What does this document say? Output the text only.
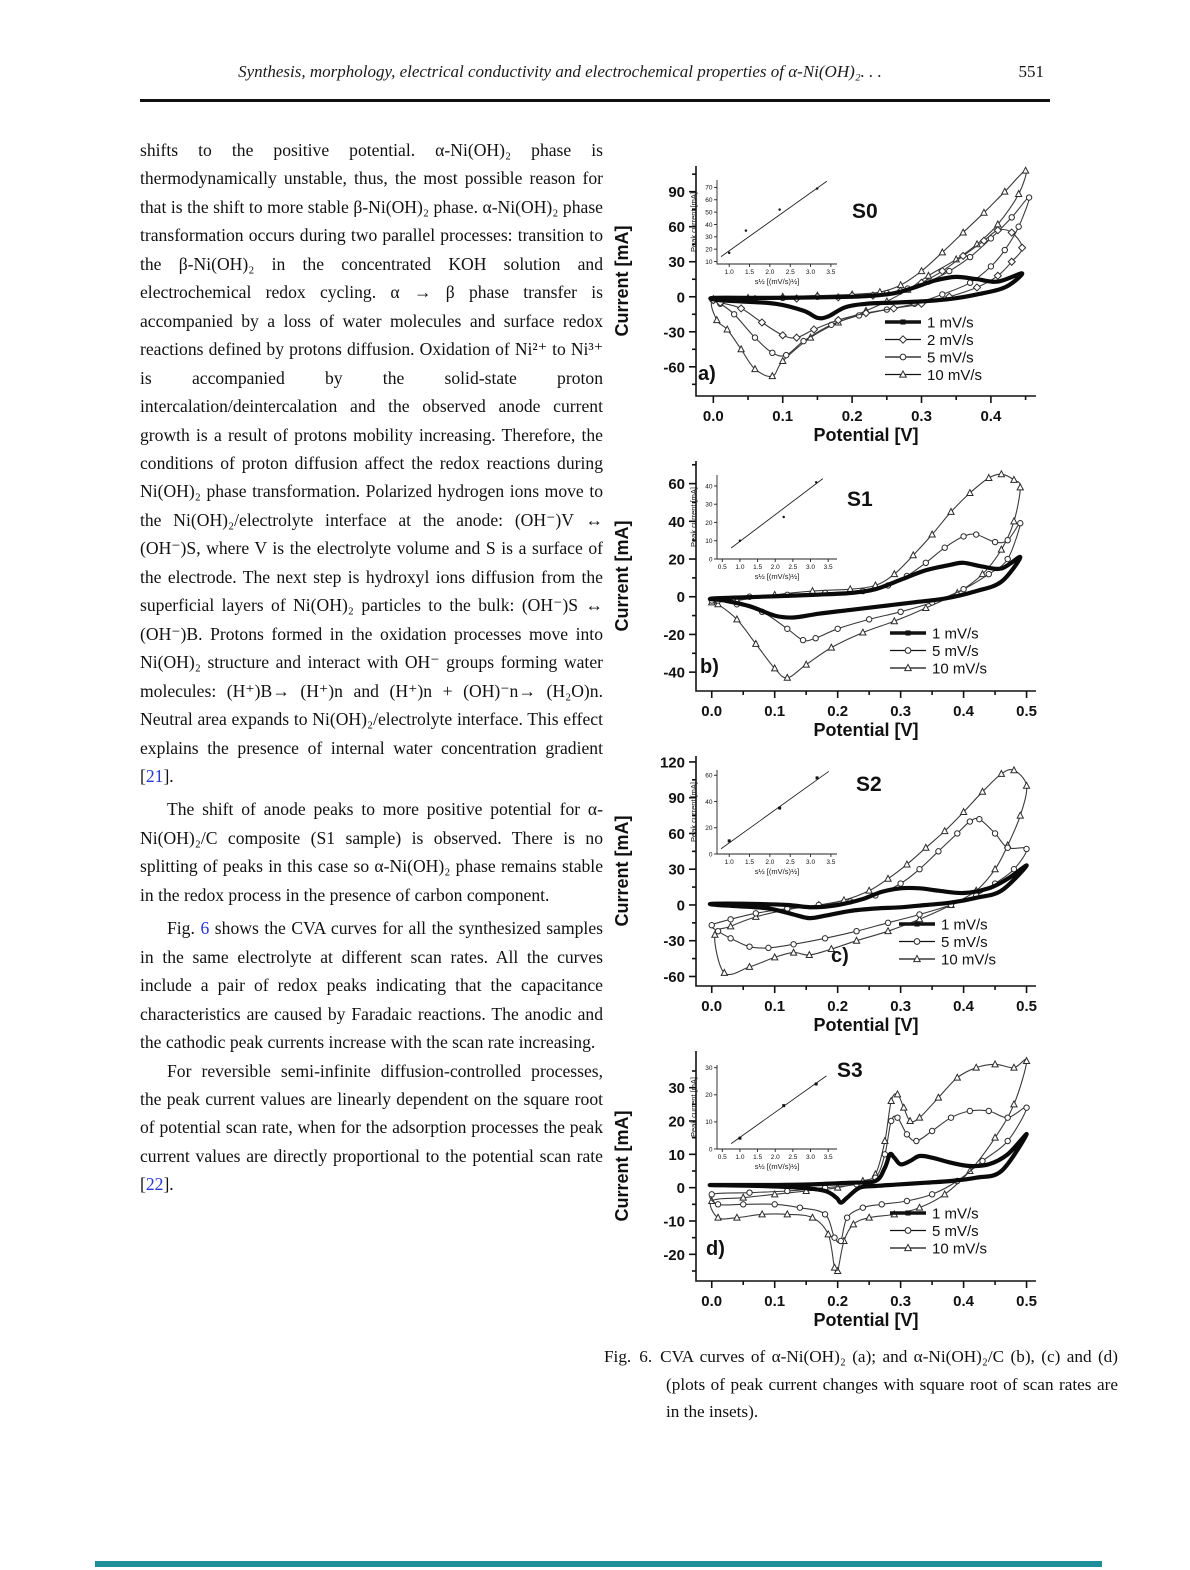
Synthesis, morphology, electrical conductivity and electrochemical properties of α-Ni(OH)₂. . .	551

shifts to the positive potential. α-Ni(OH)₂ phase is thermodynamically unstable, thus, the most possible reason for that is the shift to more stable β-Ni(OH)₂ phase. α-Ni(OH)₂ phase transformation occurs during two parallel processes: transition to the β-Ni(OH)₂ in the concentrated KOH solution and electrochemical redox cycling. α → β phase transfer is accompanied by a loss of water molecules and surface redox reactions defined by protons diffusion. Oxidation of Ni²⁺ to Ni³⁺ is accompanied by the solid-state proton intercalation/deintercalation and the observed anode current growth is a result of protons mobility increasing. Therefore, the conditions of proton diffusion affect the redox reactions during Ni(OH)₂ phase transformation. Polarized hydrogen ions move to the Ni(OH)₂/electrolyte interface at the anode: (OH⁻)V ↔ (OH⁻)S, where V is the electrolyte volume and S is a surface of the electrode. The next step is hydroxyl ions diffusion from the superficial layers of Ni(OH)₂ particles to the bulk: (OH⁻)S ↔ (OH⁻)B. Protons formed in the oxidation processes move into Ni(OH)₂ structure and interact with OH⁻ groups forming water molecules: (H⁺)B→ (H⁺)n and (H⁺)n + (OH)⁻n→ (H₂O)n. Neutral area expands to Ni(OH)₂/electrolyte interface. This effect explains the presence of internal water concentration gradient [21].

The shift of anode peaks to more positive potential for α-Ni(OH)₂/C composite (S1 sample) is observed. There is no splitting of peaks in this case so α-Ni(OH)₂ phase remains stable in the redox process in the presence of carbon component.

Fig. 6 shows the CVA curves for all the synthesized samples in the same electrolyte at different scan rates. All the curves include a pair of redox peaks indicating that the capacitance characteristics are caused by Faradaic reactions. The anodic and the cathodic peak currents increase with the scan rate increasing.

For reversible semi-infinite diffusion-controlled processes, the peak current values are linearly dependent on the square root of potential scan rate, when for the adsorption processes the peak current values are directly proportional to the potential scan rate [22].

-60
-30
0
30
60
90
0.0	0.1	0.2	0.3	0.4
Current [mA]
Potential [V]
1 mV/s
2 mV/s
5 mV/s
10 mV/s
S0
a)
10
20
30
40
50
60
70
1.0 1.5 2.0 2.5 3.0 3.5
Peak current [mA]
s½ [(mV/s)½]
-40
-20
0
20
40
60
0.0	0.1	0.2	0.3	0.4	0.5
Current [mA]
Potential [V]
1 mV/s
5 mV/s
10 mV/s
S1
b)
0
10
20
30
40
0.5 1.0 1.5 2.0 2.5 3.0 3.5
Peak current [mA]
s½ [(mV/s)½]
-60
-30
0
30
60
90
120
0.0	0.1	0.2	0.3	0.4	0.5
Current [mA]
Potential [V]
1 mV/s
5 mV/s
10 mV/s
S2
c)
0
20
40
60
1.0 1.5 2.0 2.5 3.0 3.5
Peak current [mA]
s½ [(mV/s)½]
-20
-10
0
10
20
30
0.0	0.1	0.2	0.3	0.4	0.5
Current [mA]
Potential [V]
1 mV/s
5 mV/s
10 mV/s
S3
d)
0
10
20
30
0.5 1.0 1.5 2.0 2.5 3.0 3.5
Peak current [mA]
s½ [(mV/s)½]
Fig. 6. CVA curves of α-Ni(OH)₂ (a); and α-Ni(OH)₂/C (b), (c) and (d) (plots of peak current changes with square root of scan rates are in the insets).
